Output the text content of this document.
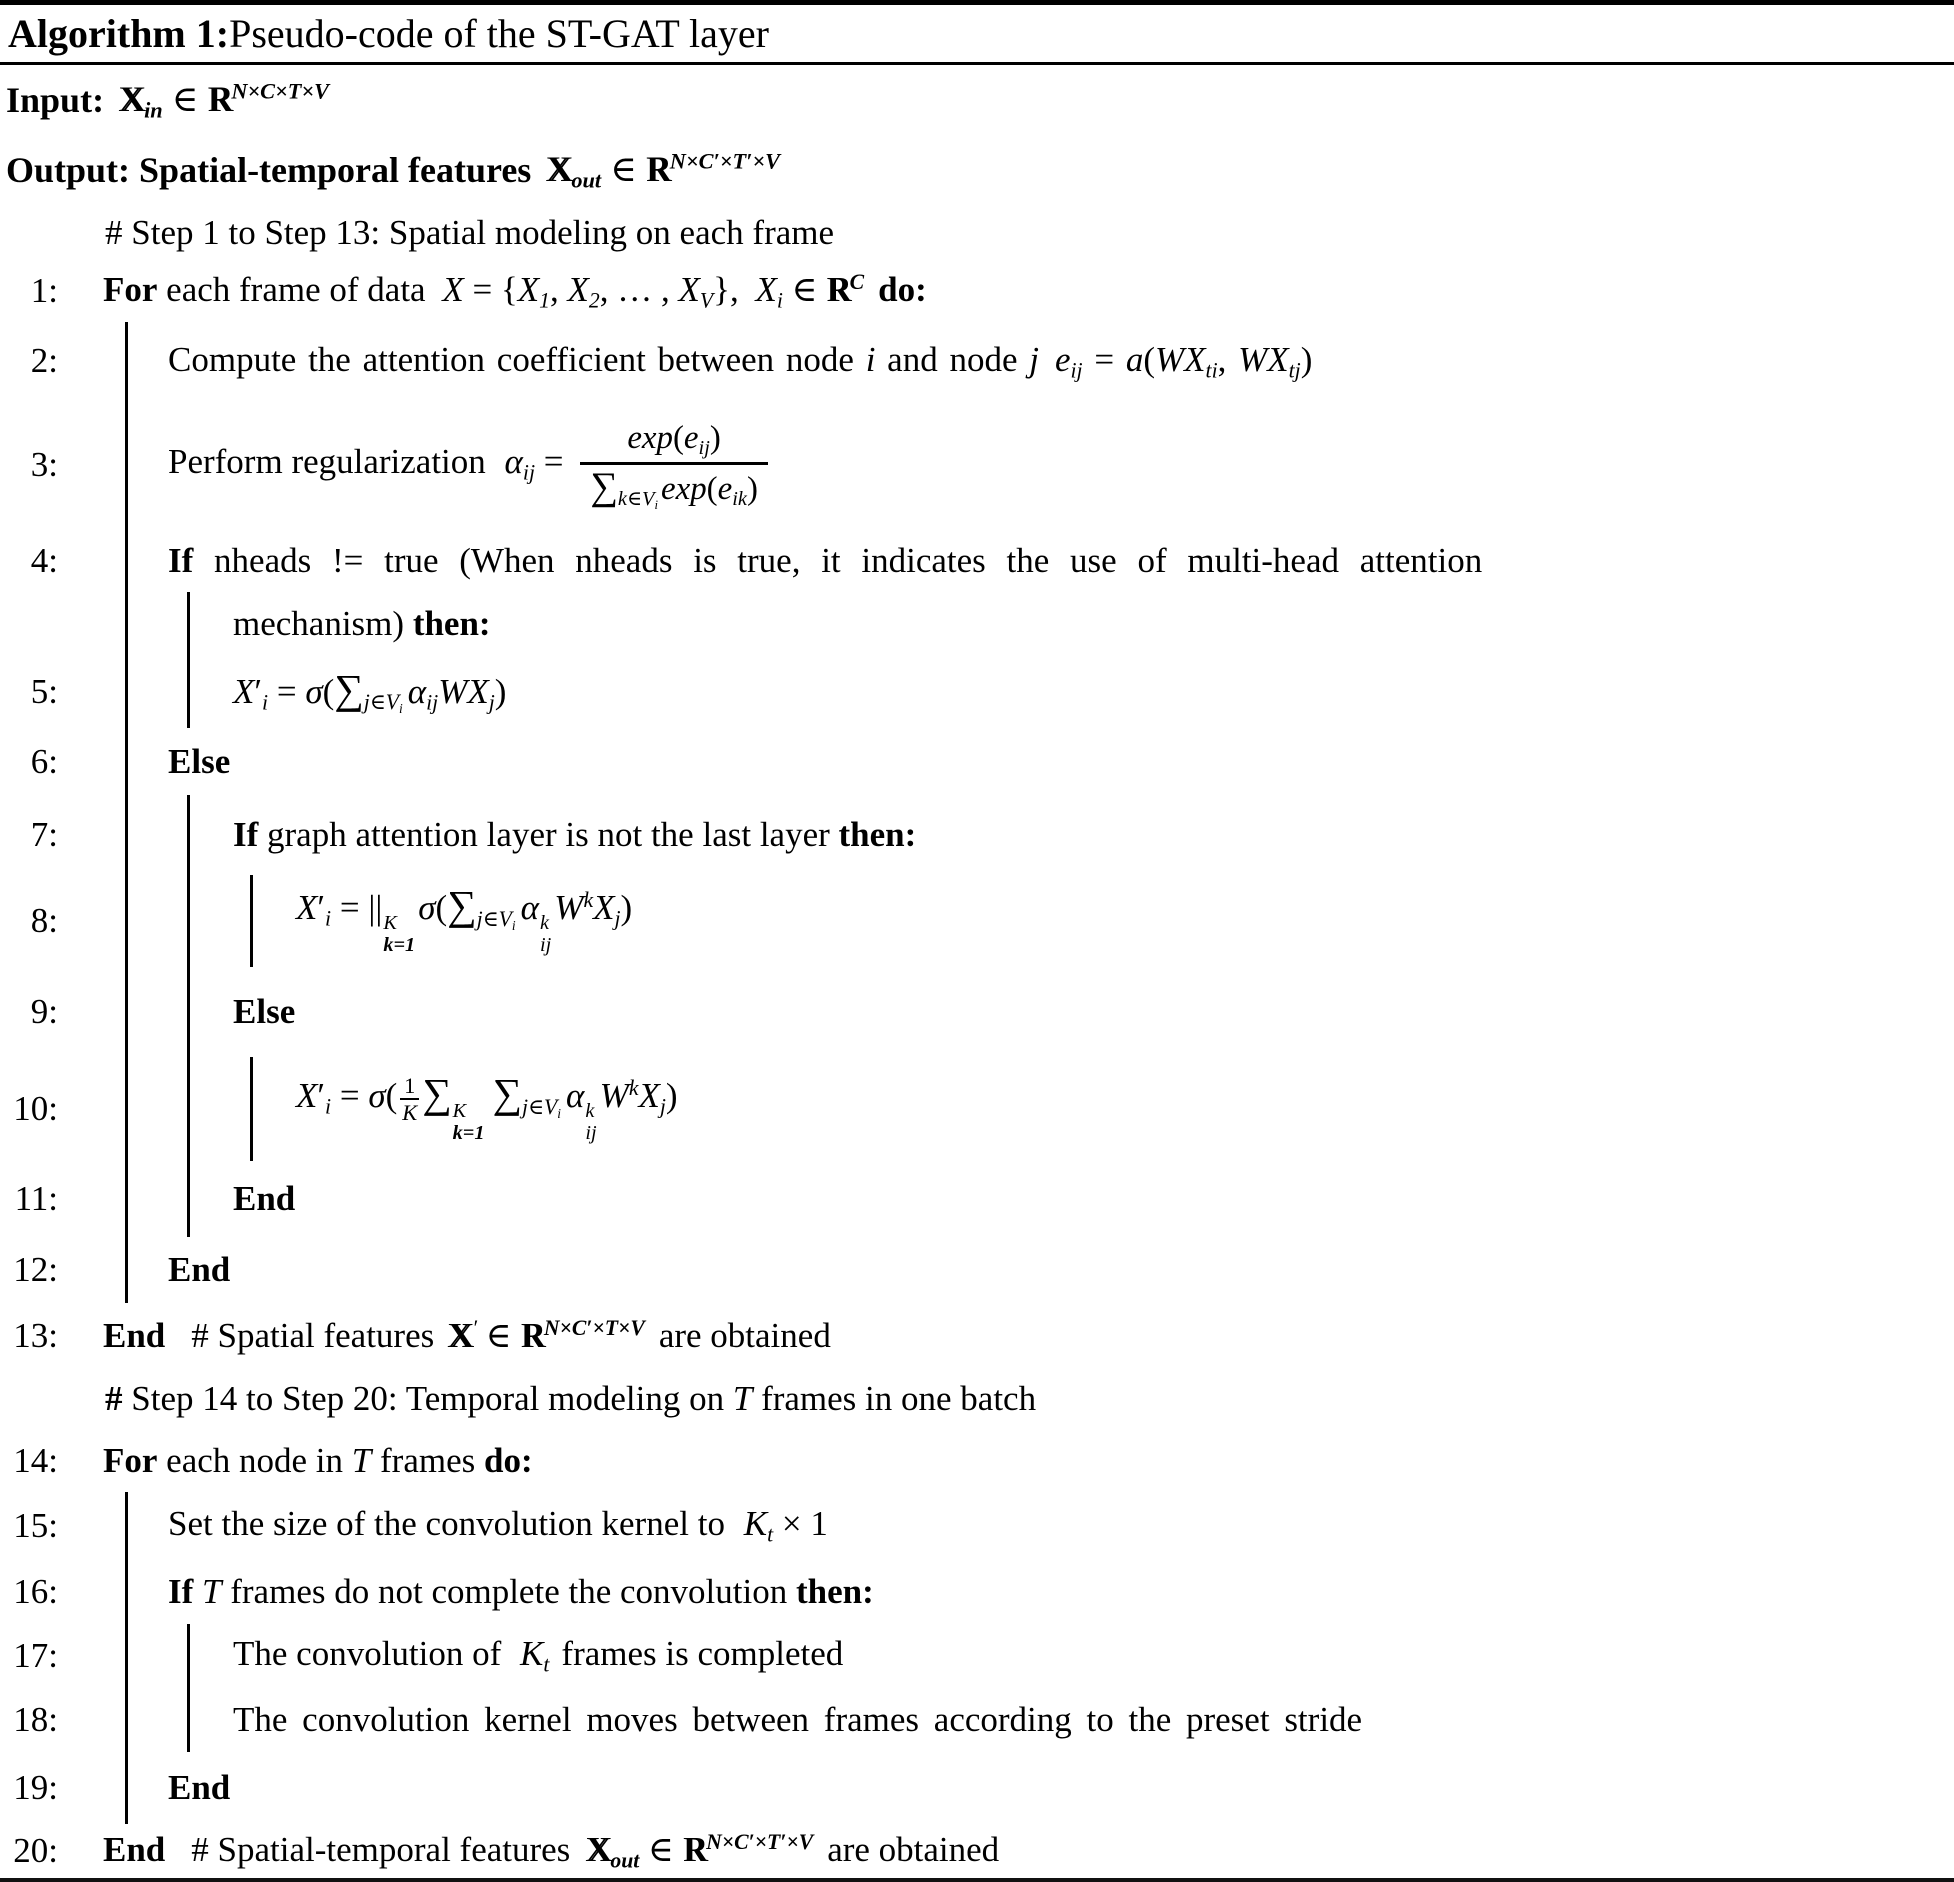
Algorithm 1: Pseudo-code of the ST-GAT layer
Input: X Xin ∈ R $R^{N\times C\times T\times V}$
Output: Spatial-temporal features X Xout ∈ R $R^{N\times C'\times T'\times V}$
# Step 1 to Step 13: Spatial modeling on each frame
1: For each frame of data X = {X1, X2, … , XV}, Xi ∈ R $R^C$ do:
2:	Compute the attention coefficient between node i and node j eij = a(WXti, WXtj)
3:	Perform regularization $\alpha ij = \frac{\text{exp(eij)}}{\text{∑k∈Viexp(eik)}}$
4:	If nheads != true (When nheads is true, it indicates the use of multi-head attention
mechanism) then:
5:	X′i = σ(∑j∈Vi αijWXj)
6:	Else
7:	If graph attention layer is not the last layer then:
8:	X′i = || K
k=1
σ(∑j∈Vi α k
ij
$W^kXj$)
9:	Else
10:	$X'i = \sigma( \frac{1}{K}$ ∑ K
k=1
∑j∈Vi α k
ij
$W^kXj$)
11:	End
12:	End
13: End # Spatial features X X′ ∈ R $R^{N\times C'\times T\times V}$ are obtained
# Step 14 to Step 20: Temporal modeling on T frames in one batch
14: For each node in T frames do:
15:	Set the size of the convolution kernel to Kt × 1
16:	If T frames do not complete the convolution then:
17:	The convolution of Kt frames is completed
18:	The convolution kernel moves between frames according to the preset stride
19:	End
20: End # Spatial-temporal features X Xout ∈ R $R^{N\times C'\times T'\times V}$ are obtained
